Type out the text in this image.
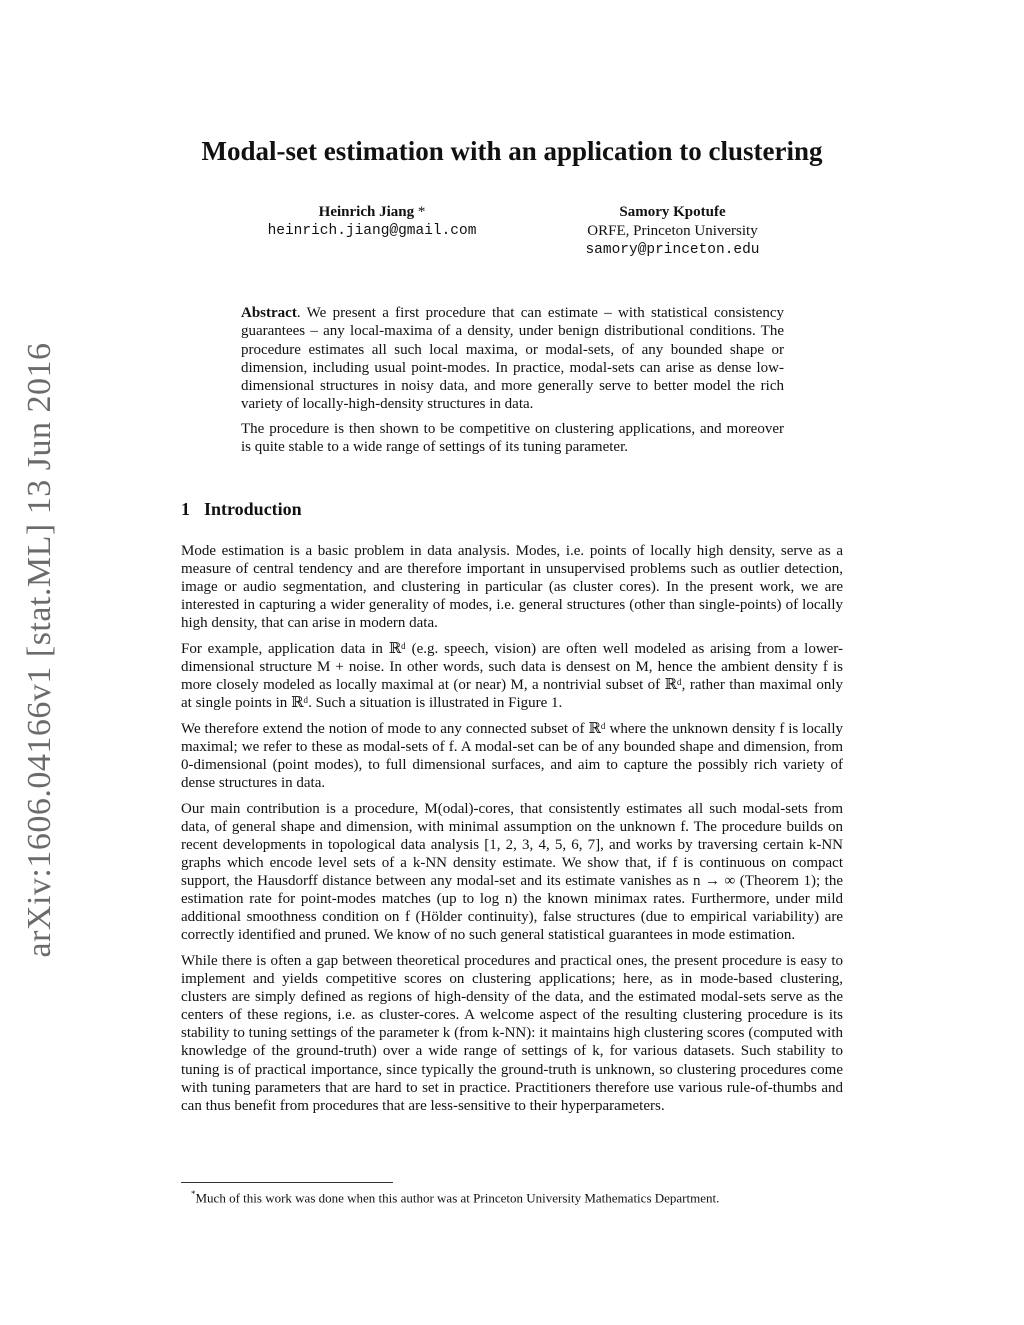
arXiv:1606.04166v1 [stat.ML] 13 Jun 2016
Modal-set estimation with an application to clustering
Heinrich Jiang *
heinrich.jiang@gmail.com
Samory Kpotufe
ORFE, Princeton University
samory@princeton.edu

Abstract. We present a first procedure that can estimate – with statistical consistency guarantees – any local-maxima of a density, under benign distributional conditions. The procedure estimates all such local maxima, or modal-sets, of any bounded shape or dimension, including usual point-modes. In practice, modal-sets can arise as dense low-dimensional structures in noisy data, and more generally serve to better model the rich variety of locally-high-density structures in data.

The procedure is then shown to be competitive on clustering applications, and moreover is quite stable to a wide range of settings of its tuning parameter.

1 Introduction

Mode estimation is a basic problem in data analysis. Modes, i.e. points of locally high density, serve as a measure of central tendency and are therefore important in unsupervised problems such as outlier detection, image or audio segmentation, and clustering in particular (as cluster cores). In the present work, we are interested in capturing a wider generality of modes, i.e. general structures (other than single-points) of locally high density, that can arise in modern data.

For example, application data in ℝᵈ (e.g. speech, vision) are often well modeled as arising from a lower-dimensional structure M + noise. In other words, such data is densest on M, hence the ambient density f is more closely modeled as locally maximal at (or near) M, a nontrivial subset of ℝᵈ, rather than maximal only at single points in ℝᵈ. Such a situation is illustrated in Figure 1.

We therefore extend the notion of mode to any connected subset of ℝᵈ where the unknown density f is locally maximal; we refer to these as modal-sets of f. A modal-set can be of any bounded shape and dimension, from 0-dimensional (point modes), to full dimensional surfaces, and aim to capture the possibly rich variety of dense structures in data.

Our main contribution is a procedure, M(odal)-cores, that consistently estimates all such modal-sets from data, of general shape and dimension, with minimal assumption on the unknown f. The procedure builds on recent developments in topological data analysis [1, 2, 3, 4, 5, 6, 7], and works by traversing certain k-NN graphs which encode level sets of a k-NN density estimate. We show that, if f is continuous on compact support, the Hausdorff distance between any modal-set and its estimate vanishes as n → ∞ (Theorem 1); the estimation rate for point-modes matches (up to log n) the known minimax rates. Furthermore, under mild additional smoothness condition on f (Hölder continuity), false structures (due to empirical variability) are correctly identified and pruned. We know of no such general statistical guarantees in mode estimation.

While there is often a gap between theoretical procedures and practical ones, the present procedure is easy to implement and yields competitive scores on clustering applications; here, as in mode-based clustering, clusters are simply defined as regions of high-density of the data, and the estimated modal-sets serve as the centers of these regions, i.e. as cluster-cores. A welcome aspect of the resulting clustering procedure is its stability to tuning settings of the parameter k (from k-NN): it maintains high clustering scores (computed with knowledge of the ground-truth) over a wide range of settings of k, for various datasets. Such stability to tuning is of practical importance, since typically the ground-truth is unknown, so clustering procedures come with tuning parameters that are hard to set in practice. Practitioners therefore use various rule-of-thumbs and can thus benefit from procedures that are less-sensitive to their hyperparameters.

*Much of this work was done when this author was at Princeton University Mathematics Department.
